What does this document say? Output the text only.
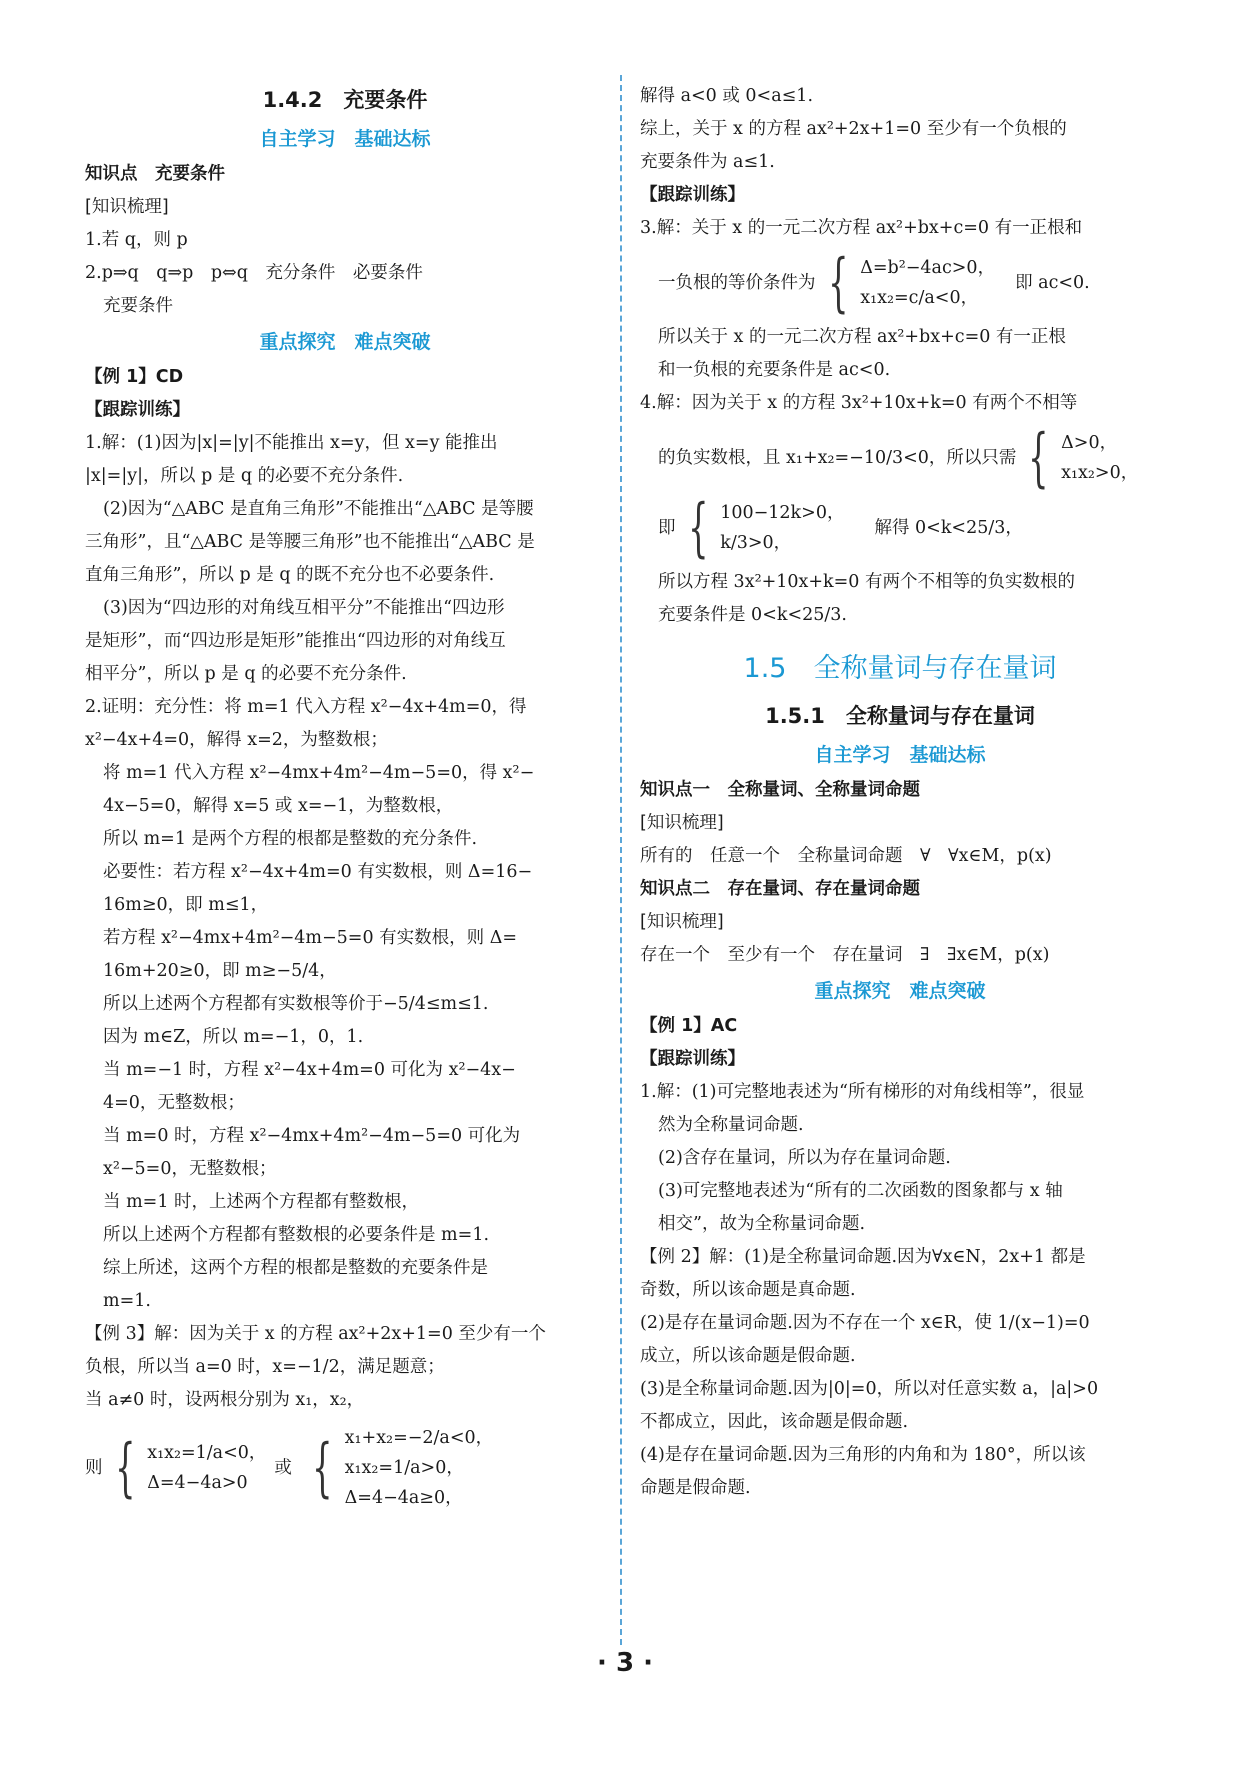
1.4.2　充要条件
自主学习　基础达标
知识点　充要条件
[知识梳理]
1.若 q，则 p
2.p⇒q　q⇒p　p⇔q　充分条件　必要条件
充要条件
重点探究　难点突破
【例 1】CD
【跟踪训练】
1.解：(1)因为|x|=|y|不能推出 x=y，但 x=y 能推出
|x|=|y|，所以 p 是 q 的必要不充分条件.
(2)因为“△ABC 是直角三角形”不能推出“△ABC 是等腰
三角形”，且“△ABC 是等腰三角形”也不能推出“△ABC 是
直角三角形”，所以 p 是 q 的既不充分也不必要条件.
(3)因为“四边形的对角线互相平分”不能推出“四边形
是矩形”，而“四边形是矩形”能推出“四边形的对角线互
相平分”，所以 p 是 q 的必要不充分条件.
2.证明：充分性：将 m=1 代入方程 x²−4x+4m=0，得
x²−4x+4=0，解得 x=2，为整数根；
将 m=1 代入方程 x²−4mx+4m²−4m−5=0，得 x²−
4x−5=0，解得 x=5 或 x=−1，为整数根，
所以 m=1 是两个方程的根都是整数的充分条件.
必要性：若方程 x²−4x+4m=0 有实数根，则 Δ=16−
16m≥0，即 m≤1，
若方程 x²−4mx+4m²−4m−5=0 有实数根，则 Δ=
16m+20≥0，即 m≥−5/4，
所以上述两个方程都有实数根等价于−5/4≤m≤1.
因为 m∈Z，所以 m=−1，0，1.
当 m=−1 时，方程 x²−4x+4m=0 可化为 x²−4x−
4=0，无整数根；
当 m=0 时，方程 x²−4mx+4m²−4m−5=0 可化为
x²−5=0，无整数根；
当 m=1 时，上述两个方程都有整数根，
所以上述两个方程都有整数根的必要条件是 m=1.
综上所述，这两个方程的根都是整数的充要条件是
m=1.
【例 3】解：因为关于 x 的方程 ax²+2x+1=0 至少有一个
负根，所以当 a=0 时，x=−1/2，满足题意；
当 a≠0 时，设两根分别为 x₁，x₂，
则 { x₁x₂=1/a<0，
Δ=4−4a>0
或 { x₁+x₂=−2/a<0，
x₁x₂=1/a>0，
Δ=4−4a≥0，
解得 a<0 或 0<a≤1.
综上，关于 x 的方程 ax²+2x+1=0 至少有一个负根的
充要条件为 a≤1.
【跟踪训练】
3.解：关于 x 的一元二次方程 ax²+bx+c=0 有一正根和
一负根的等价条件为 { Δ=b²−4ac>0，
x₁x₂=c/a<0，
即 ac<0.
所以关于 x 的一元二次方程 ax²+bx+c=0 有一正根
和一负根的充要条件是 ac<0.
4.解：因为关于 x 的方程 3x²+10x+k=0 有两个不相等
的负实数根，且 x₁+x₂=−10/3<0，所以只需 { Δ>0，
x₁x₂>0，
即 { 100−12k>0，
k/3>0，
解得 0<k<25/3，
所以方程 3x²+10x+k=0 有两个不相等的负实数根的
充要条件是 0<k<25/3.
1.5　全称量词与存在量词
1.5.1　全称量词与存在量词
自主学习　基础达标
知识点一　全称量词、全称量词命题
[知识梳理]
所有的　任意一个　全称量词命题　∀　∀x∈M，p(x)
知识点二　存在量词、存在量词命题
[知识梳理]
存在一个　至少有一个　存在量词　∃　∃x∈M，p(x)
重点探究　难点突破
【例 1】AC
【跟踪训练】
1.解：(1)可完整地表述为“所有梯形的对角线相等”，很显
然为全称量词命题.
(2)含存在量词，所以为存在量词命题.
(3)可完整地表述为“所有的二次函数的图象都与 x 轴
相交”，故为全称量词命题.
【例 2】解：(1)是全称量词命题.因为∀x∈N，2x+1 都是
奇数，所以该命题是真命题.
(2)是存在量词命题.因为不存在一个 x∈R，使 1/(x−1)=0
成立，所以该命题是假命题.
(3)是全称量词命题.因为|0|=0，所以对任意实数 a，|a|>0
不都成立，因此，该命题是假命题.
(4)是存在量词命题.因为三角形的内角和为 180°，所以该
命题是假命题.
· 3 ·
